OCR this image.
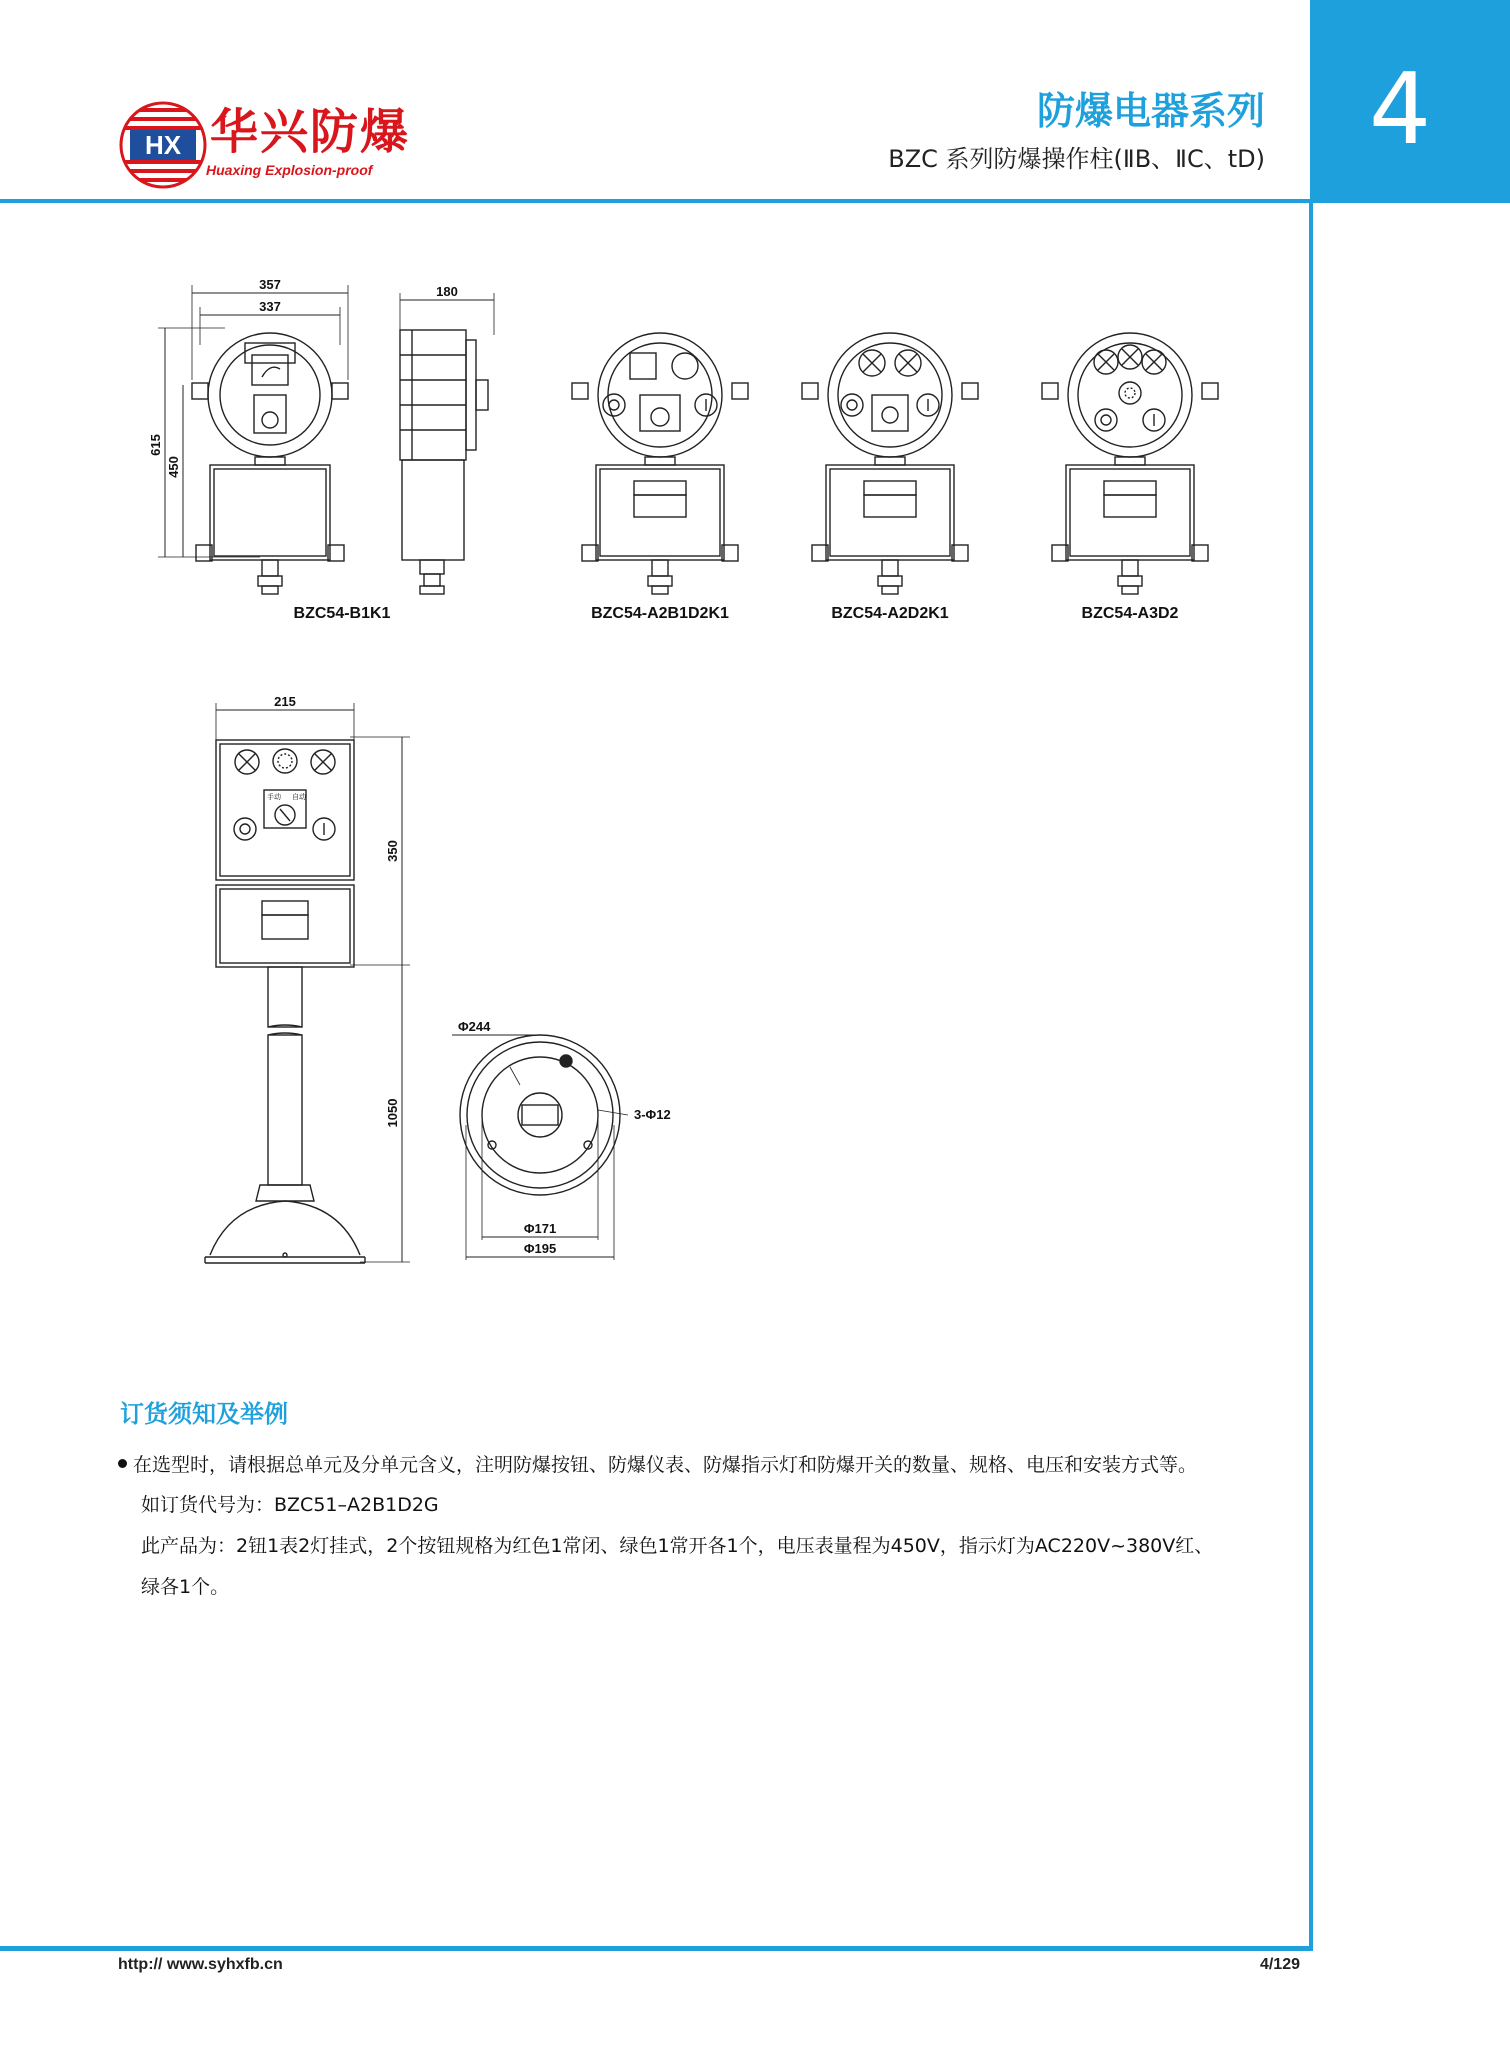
4
HX 华兴防爆
Huaxing Explosion-proof
防爆电器系列
BZC 系列防爆操作柱(ⅡB、ⅡC、tD)
357
337
615
450
180
215
350
1050
Φ244
3-Φ12
Φ171
Φ195
手动 自动
BZC54-B1K1	BZC54-A2B1D2K1	BZC54-A2D2K1	BZC54-A3D2
订货须知及举例
在选型时，请根据总单元及分单元含义，注明防爆按钮、防爆仪表、防爆指示灯和防爆开关的数量、规格、电压和安装方式等。
如订货代号为：BZC51–A2B1D2G
此产品为：2钮1表2灯挂式，2个按钮规格为红色1常闭、绿色1常开各1个，电压表量程为450V，指示灯为AC220V~380V红、
绿各1个。
http:// www.syhxfb.cn	4/129
